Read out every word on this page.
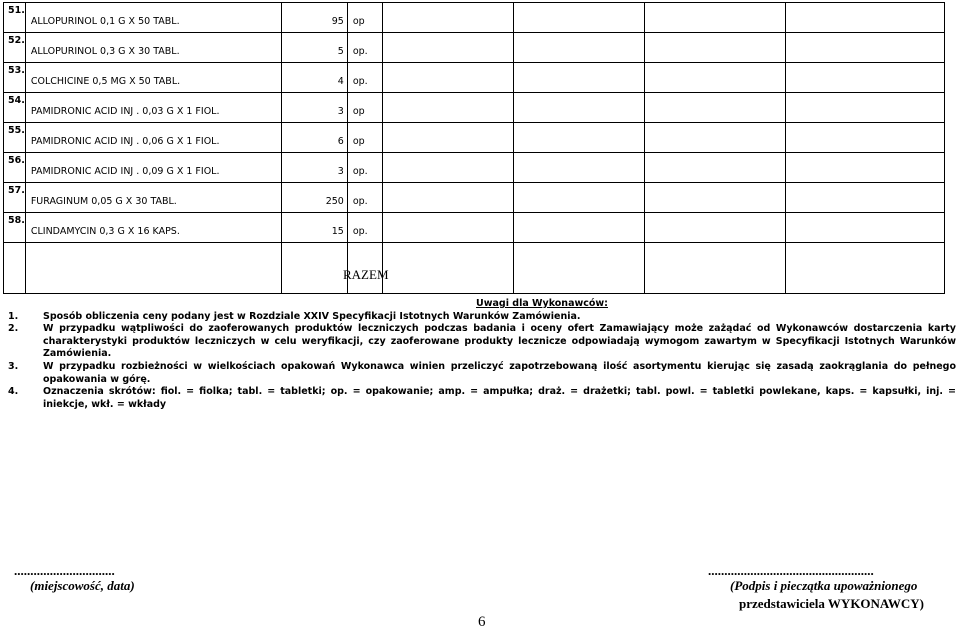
51.	ALLOPURINOL 0,1 G X 50 TABL.	95	op				

52.	ALLOPURINOL 0,3 G X 30 TABL.	5	op.				

53.	COLCHICINE 0,5 MG X 50 TABL.	4	op.				

54.	PAMIDRONIC ACID INJ . 0,03 G X 1 FIOL.	3	op				

55.	PAMIDRONIC ACID INJ . 0,06 G X 1 FIOL.	6	op				

56.	PAMIDRONIC ACID INJ . 0,09 G X 1 FIOL.	3	op.				

57.	FURAGINUM 0,05 G X 30 TABL.	250	op.				

58.	CLINDAMYCIN 0,3 G X 16 KAPS.	15	op.				

RAZEM
Uwagi dla Wykonawców:
1.	Sposób obliczenia ceny podany jest w Rozdziale XXIV Specyfikacji Istotnych Warunków Zamówienia.
2.	W przypadku wątpliwości do zaoferowanych produktów leczniczych podczas badania i oceny ofert Zamawiający może zażądać od Wykonawców dostarczenia karty charakterystyki produktów leczniczych w celu weryfikacji, czy zaoferowane produkty lecznicze odpowiadają wymogom zawartym w Specyfikacji Istotnych Warunków Zamówienia.
3.	W przypadku rozbieżności w wielkościach opakowań Wykonawca winien przeliczyć zapotrzebowaną ilość asortymentu kierując się zasadą zaokrąglania do pełnego opakowania w górę.
4.	Oznaczenia skrótów: fiol. = fiolka; tabl. = tabletki; op. = opakowanie; amp. = ampułka; draż. = drażetki; tabl. powl. = tabletki powlekane, kaps. = kapsułki, inj. = iniekcje, wkł. = wkłady
...............................
(miejscowość, data)
...................................................
(Podpis i pieczątka upoważnionego
przedstawiciela WYKONAWCY)
6
